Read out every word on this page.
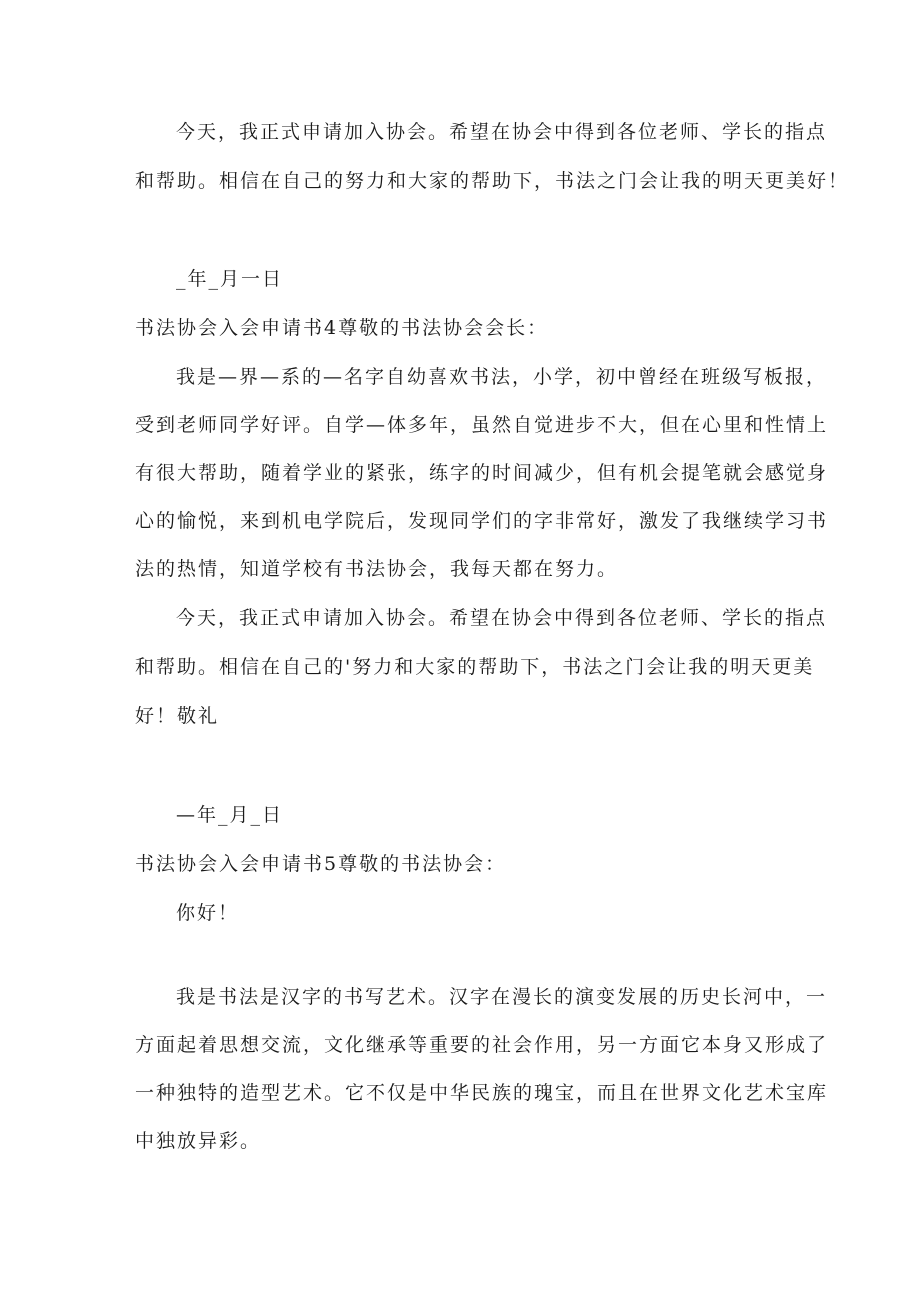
今天，我正式申请加入协会。希望在协会中得到各位老师、学长的指点
和帮助。相信在自己的努力和大家的帮助下，书法之门会让我的明天更美好！
_年_月一日
书法协会入会申请书4尊敬的书法协会会长：
我是—界—系的—名字自幼喜欢书法，小学，初中曾经在班级写板报，
受到老师同学好评。自学—体多年，虽然自觉进步不大，但在心里和性情上
有很大帮助，随着学业的紧张，练字的时间减少，但有机会提笔就会感觉身
心的愉悦，来到机电学院后，发现同学们的字非常好，激发了我继续学习书
法的热情，知道学校有书法协会，我每天都在努力。
今天，我正式申请加入协会。希望在协会中得到各位老师、学长的指点
和帮助。相信在自己的'努力和大家的帮助下，书法之门会让我的明天更美
好！敬礼
—年_月_日
书法协会入会申请书5尊敬的书法协会：
你好！
我是书法是汉字的书写艺术。汉字在漫长的演变发展的历史长河中，一
方面起着思想交流，文化继承等重要的社会作用，另一方面它本身又形成了
一种独特的造型艺术。它不仅是中华民族的瑰宝，而且在世界文化艺术宝库
中独放异彩。
